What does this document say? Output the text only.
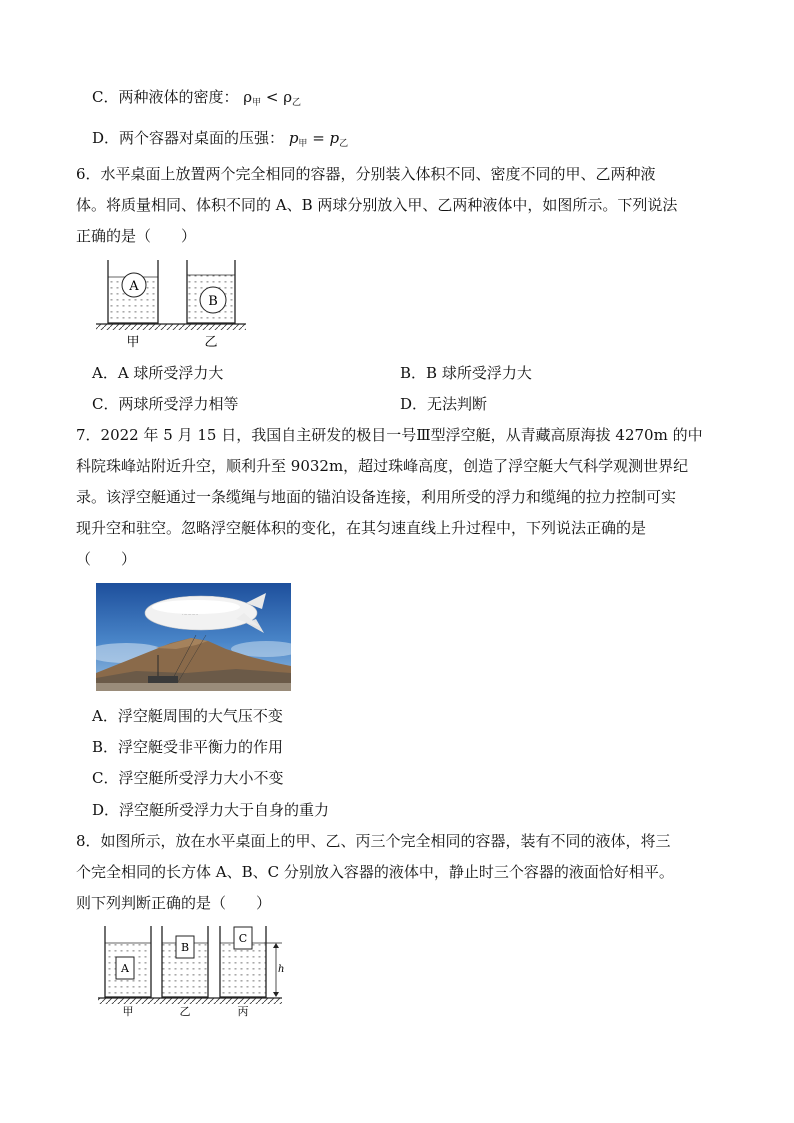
C．两种液体的密度： $\rho_甲 < \rho_乙$
D．两个容器对桌面的压强： $p_甲 = p_乙$
6．水平桌面上放置两个完全相同的容器，分别装入体积不同、密度不同的甲、乙两种液
体。将质量相同、体积不同的 A、B 两球分别放入甲、乙两种液体中，如图所示。下列说法
正确的是（　　）
A
B
甲	乙
A．A 球所受浮力大	B．B 球所受浮力大
C．两球所受浮力相等	D．无法判断
7．2022 年 5 月 15 日，我国自主研发的极目一号Ⅲ型浮空艇，从青藏高原海拔 4270m 的中
科院珠峰站附近升空，顺利升至 9032m，超过珠峰高度，创造了浮空艇大气科学观测世界纪
录。该浮空艇通过一条缆绳与地面的锚泊设备连接，利用所受的浮力和缆绳的拉力控制可实
现升空和驻空。忽略浮空艇体积的变化，在其匀速直线上升过程中，下列说法正确的是
（　　）
⋯⋯⋯⋯
A．浮空艇周围的大气压不变
B．浮空艇受非平衡力的作用
C．浮空艇所受浮力大小不变
D．浮空艇所受浮力大于自身的重力
8．如图所示，放在水平桌面上的甲、乙、丙三个完全相同的容器，装有不同的液体，将三
个完全相同的长方体 A、B、C 分别放入容器的液体中，静止时三个容器的液面恰好相平。
则下列判断正确的是（　　）
A
B
C
h
甲	乙	丙
